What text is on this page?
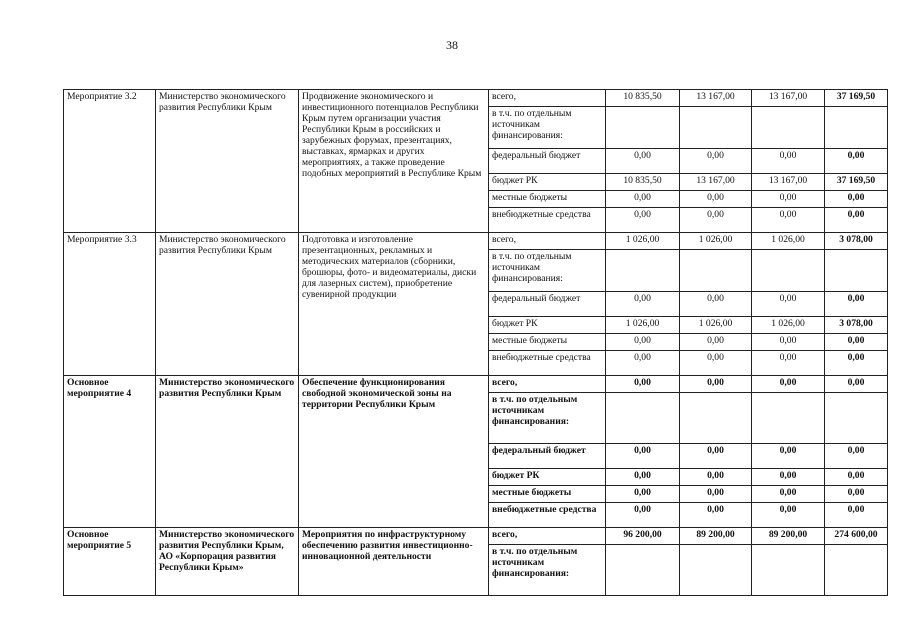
38
Мероприятие 3.2	Министерство экономического развития Республики Крым	Продвижение экономического и инвестиционного потенциалов Республики Крым путем организации участия Республики Крым в российских и зарубежных форумах, презентациях, выставках, ярмарках и других мероприятиях, а также проведение подобных мероприятий в Республике Крым	всего,	10 835,50	13 167,00	13 167,00	37 169,50
			в т.ч. по отдельным источникам финансирования:				
			федеральный бюджет	0,00	0,00	0,00	0,00
			бюджет РК	10 835,50	13 167,00	13 167,00	37 169,50
			местные бюджеты	0,00	0,00	0,00	0,00
			внебюджетные средства	0,00	0,00	0,00	0,00
Мероприятие 3.3	Министерство экономического развития Республики Крым	Подготовка и изготовление презентационных, рекламных и методических материалов (сборники, брошюры, фото- и видеоматериалы, диски для лазерных систем), приобретение сувенирной продукции	всего,	1 026,00	1 026,00	1 026,00	3 078,00
			в т.ч. по отдельным источникам финансирования:				
			федеральный бюджет	0,00	0,00	0,00	0,00
			бюджет РК	1 026,00	1 026,00	1 026,00	3 078,00
			местные бюджеты	0,00	0,00	0,00	0,00
			внебюджетные средства	0,00	0,00	0,00	0,00
Основное мероприятие 4	Министерство экономического развития Республики Крым	Обеспечение функционирования свободной экономической зоны на территории Республики Крым	всего,	0,00	0,00	0,00	0,00
			в т.ч. по отдельным источникам финансирования:				
			федеральный бюджет	0,00	0,00	0,00	0,00
			бюджет РК	0,00	0,00	0,00	0,00
			местные бюджеты	0,00	0,00	0,00	0,00
			внебюджетные средства	0,00	0,00	0,00	0,00
Основное мероприятие 5	Министерство экономического развития Республики Крым, АО «Корпорация развития Республики Крым»	Мероприятия по инфраструктурному обеспечению развития инвестиционно-инновационной деятельности	всего,	96 200,00	89 200,00	89 200,00	274 600,00
			в т.ч. по отдельным источникам финансирования:				
